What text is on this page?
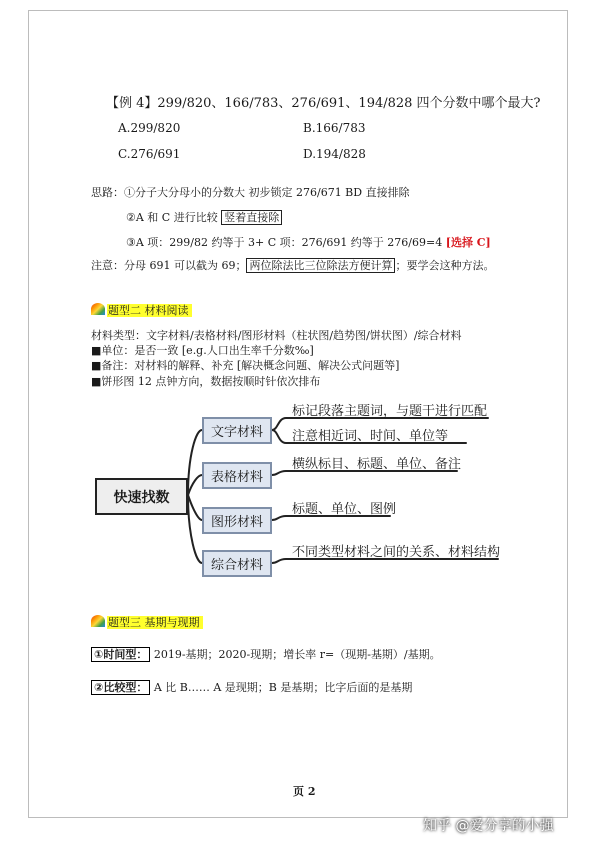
【例 4】299/820、166/783、276/691、194/828 四个分数中哪个最大?
A.299/820	B.166/783
C.276/691	D.194/828
思路：①分子大分母小的分数大 初步锁定 276/671 BD 直接排除
②A 和 C 进行比较 竖着直接除
③A 项：299/82 约等于 3+ C 项：276/691 约等于 276/69=4 [选择 C]
注意：分母 691 可以截为 69； 两位除法比三位除法方便计算 ；要学会这种方法。
题型二 材料阅读
材料类型：文字材料/表格材料/图形材料（柱状图/趋势图/饼状图）/综合材料
■单位：是否一致 [e.g.人口出生率千分数‰]
■备注：对材料的解释、补充 [解决概念问题、解决公式问题等]
■饼形图 12 点钟方向，数据按顺时针依次排布
快速找数
文字材料
表格材料
图形材料
综合材料
标记段落主题词，与题干进行匹配
注意相近词、时间、单位等
横纵标目、标题、单位、备注
标题、单位、图例
不同类型材料之间的关系、材料结构
题型三 基期与现期
①时间型： 2019-基期；2020-现期；增长率 r=（现期-基期）/基期。
②比较型： A 比 B…… A 是现期；B 是基期；比字后面的是基期
页 2
知乎 @爱分享的小强
